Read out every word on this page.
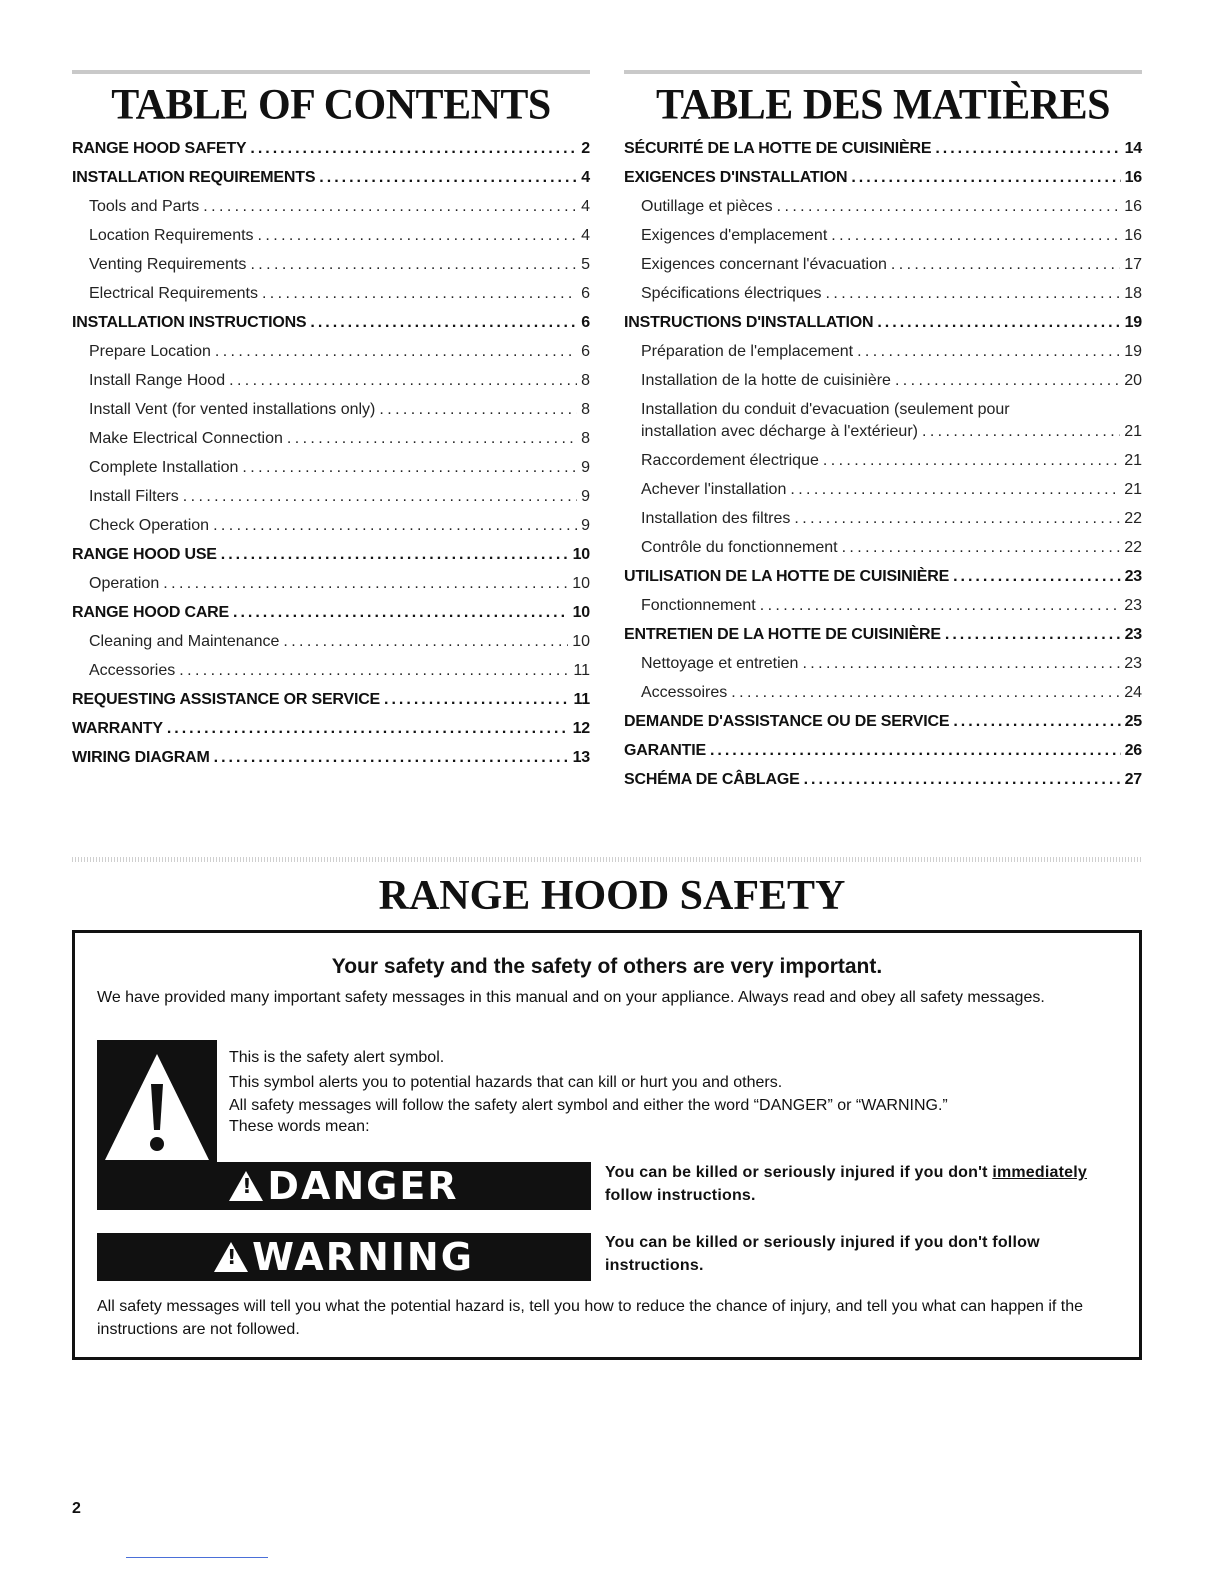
TABLE OF CONTENTS
RANGE HOOD SAFETY .....	2
INSTALLATION REQUIREMENTS .....	4
Tools and Parts .....	4
Location Requirements .....	4
Venting Requirements .....	5
Electrical Requirements .....	6
INSTALLATION INSTRUCTIONS .....	6
Prepare Location .....	6
Install Range Hood .....	8
Install Vent (for vented installations only) .....	8
Make Electrical Connection .....	8
Complete Installation .....	9
Install Filters .....	9
Check Operation .....	9
RANGE HOOD USE .....	10
Operation .....	10
RANGE HOOD CARE .....	10
Cleaning and Maintenance .....	10
Accessories .....	11
REQUESTING ASSISTANCE OR SERVICE .....	11
WARRANTY .....	12
WIRING DIAGRAM .....	13
TABLE DES MATIÈRES
SÉCURITÉ DE LA HOTTE DE CUISINIÈRE .....	14
EXIGENCES D'INSTALLATION .....	16
Outillage et pièces .....	16
Exigences d'emplacement .....	16
Exigences concernant l'évacuation .....	17
Spécifications électriques .....	18
INSTRUCTIONS D'INSTALLATION .....	19
Préparation de l'emplacement .....	19
Installation de la hotte de cuisinière .....	20
Installation du conduit d'evacuation (seulement pour
installation avec décharge à l'extérieur) .....	21
Raccordement électrique .....	21
Achever l'installation .....	21
Installation des filtres .....	22
Contrôle du fonctionnement .....	22
UTILISATION DE LA HOTTE DE CUISINIÈRE .....	23
Fonctionnement .....	23
ENTRETIEN DE LA HOTTE DE CUISINIÈRE .....	23
Nettoyage et entretien .....	23
Accessoires .....	24
DEMANDE D'ASSISTANCE OU DE SERVICE .....	25
GARANTIE .....	26
SCHÉMA DE CÂBLAGE .....	27
RANGE HOOD SAFETY
Your safety and the safety of others are very important.

We have provided many important safety messages in this manual and on your appliance. Always read and obey all safety messages.

This is the safety alert symbol.

This symbol alerts you to potential hazards that can kill or hurt you and others.

All safety messages will follow the safety alert symbol and either the word “DANGER” or “WARNING.”

These words mean:

!DANGER	You can be killed or seriously injured if you don't immediately
follow instructions.

!WARNING	You can be killed or seriously injured if you don't follow instructions.

All safety messages will tell you what the potential hazard is, tell you how to reduce the chance of injury, and tell you what can happen if the instructions are not followed.

2
